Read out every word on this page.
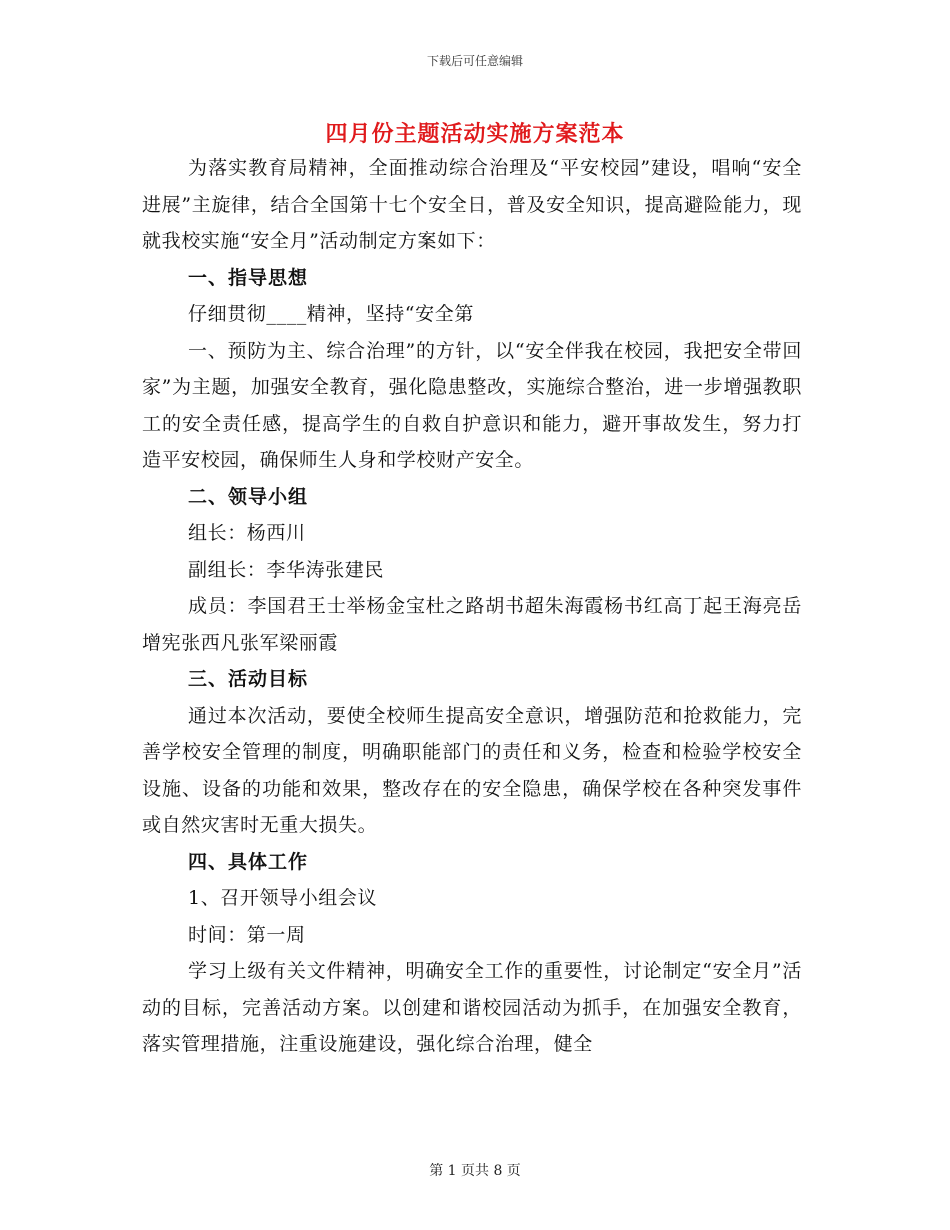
下载后可任意编辑
四月份主题活动实施方案范本

为落实教育局精神，全面推动综合治理及“平安校园”建设，唱响“安全进展”主旋律，结合全国第十七个安全日，普及安全知识，提高避险能力，现就我校实施“安全月”活动制定方案如下：

一、指导思想

仔细贯彻____精神，坚持“安全第

一、预防为主、综合治理”的方针，以“安全伴我在校园，我把安全带回家”为主题，加强安全教育，强化隐患整改，实施综合整治，进一步增强教职工的安全责任感，提高学生的自救自护意识和能力，避开事故发生，努力打造平安校园，确保师生人身和学校财产安全。

二、领导小组

组长：杨西川

副组长：李华涛张建民

成员：李国君王士举杨金宝杜之路胡书超朱海霞杨书红高丁起王海亮岳增宪张西凡张军梁丽霞

三、活动目标

通过本次活动，要使全校师生提高安全意识，增强防范和抢救能力，完善学校安全管理的制度，明确职能部门的责任和义务，检查和检验学校安全设施、设备的功能和效果，整改存在的安全隐患，确保学校在各种突发事件或自然灾害时无重大损失。

四、具体工作

1、召开领导小组会议

时间：第一周

学习上级有关文件精神，明确安全工作的重要性，讨论制定“安全月”活动的目标，完善活动方案。以创建和谐校园活动为抓手，在加强安全教育，落实管理措施，注重设施建设，强化综合治理，健全

第 1 页共 8 页
